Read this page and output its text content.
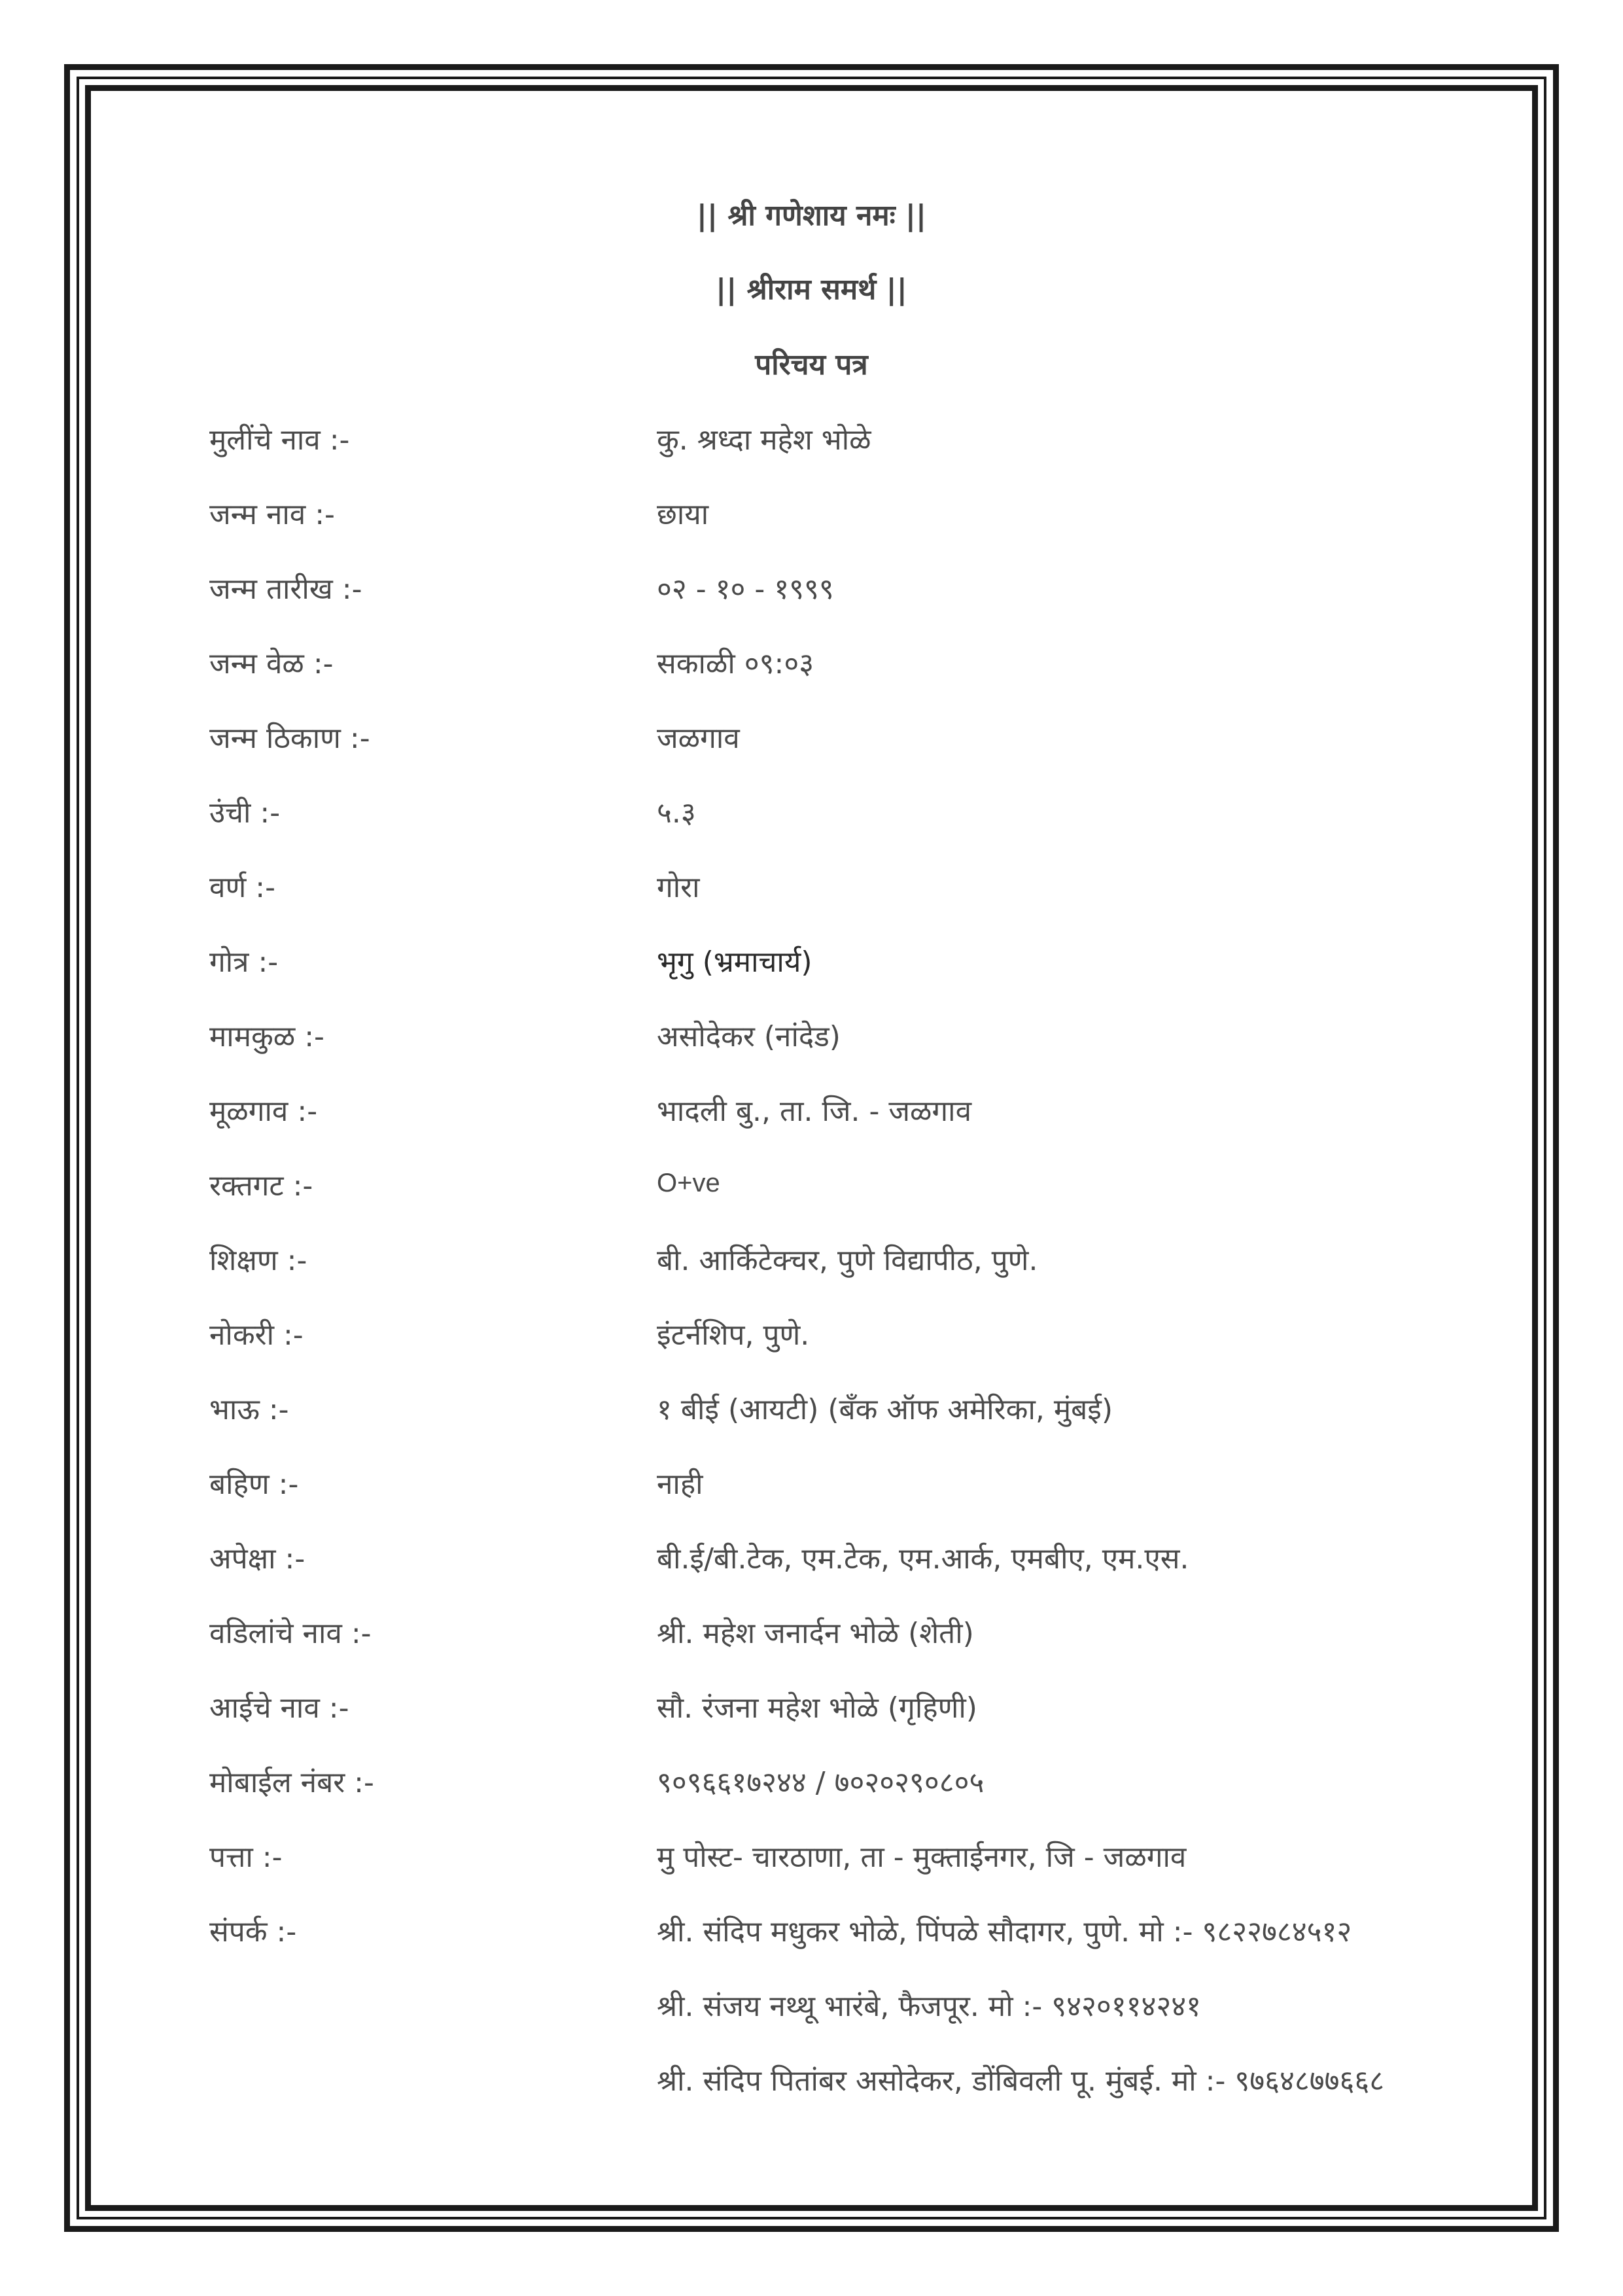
|| श्री गणेशाय नमः ||
|| श्रीराम समर्थ ||
परिचय पत्र
मुलींचे नाव :-	कु. श्रध्दा महेश भोळे
जन्म नाव :-	छाया
जन्म तारीख :-	०२ - १० - १९९९
जन्म वेळ :-	सकाळी ०९:०३
जन्म ठिकाण :-	जळगाव
उंची :-	५.३
वर्ण :-	गोरा
गोत्र :-	भृगु (भ्रमाचार्य)
मामकुळ :-	असोदेकर (नांदेड)
मूळगाव :-	भादली बु., ता. जि. - जळगाव
रक्तगट :-	O+ve
शिक्षण :-	बी. आर्किटेक्चर, पुणे विद्यापीठ, पुणे.
नोकरी :-	इंटर्नशिप, पुणे.
भाऊ :-	१ बीई (आयटी) (बँक ऑफ अमेरिका, मुंबई)
बहिण :-	नाही
अपेक्षा :-	बी.ई/बी.टेक, एम.टेक, एम.आर्क, एमबीए, एम.एस.
वडिलांचे नाव :-	श्री. महेश जनार्दन भोळे (शेती)
आईचे नाव :-	सौ. रंजना महेश भोळे (गृहिणी)
मोबाईल नंबर :-	९०९६६१७२४४ / ७०२०२९०८०५
पत्ता :-	मु पोस्ट- चारठाणा, ता - मुक्ताईनगर, जि - जळगाव
संपर्क :-	श्री. संदिप मधुकर भोळे, पिंपळे सौदागर, पुणे. मो :- ९८२२७८४५१२
श्री. संजय नथ्थू भारंबे, फैजपूर. मो :- ९४२०११४२४१
श्री. संदिप पितांबर असोदेकर, डोंबिवली पू. मुंबई. मो :- ९७६४८७७६६८
